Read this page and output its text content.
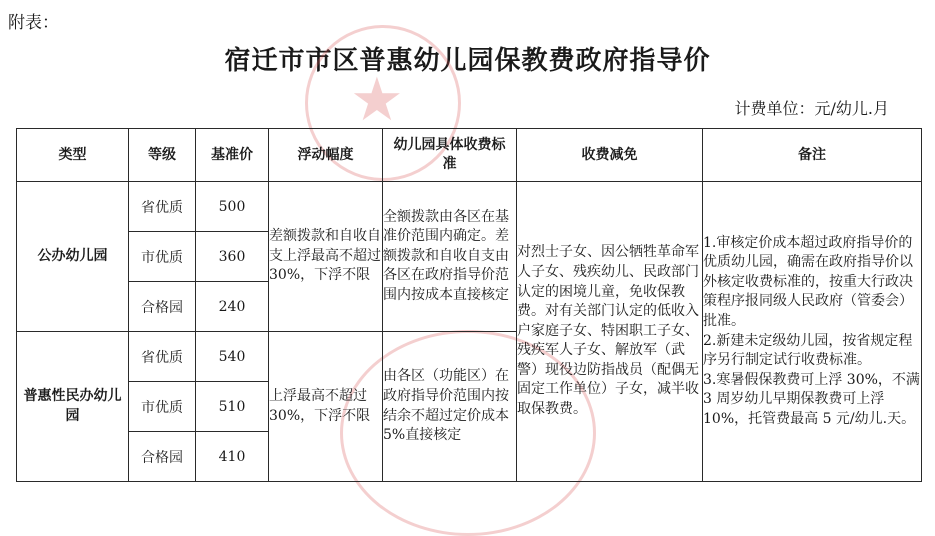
附表：
宿迁市市区普惠幼儿园保教费政府指导价
计费单位：元/幼儿.月
★
类型	等级	基准价	浮动幅度	幼儿园具体收费标准	收费减免	备注
公办幼儿园	省优质	500	差额拨款和自收自支上浮最高不超过 30%，下浮不限	全额拨款由各区在基准价范围内确定。差额拨款和自收自支由各区在政府指导价范围内按成本直接核定	对烈士子女、因公牺牲革命军人子女、残疾幼儿、民政部门认定的困境儿童，免收保教费。对有关部门认定的低收入户家庭子女、特困职工子女、残疾军人子女、解放军（武警）现役边防指战员（配偶无固定工作单位）子女，减半收取保教费。	1.审核定价成本超过政府指导价的优质幼儿园，确需在政府指导价以外核定收费标准的，按重大行政决策程序报同级人民政府（管委会）批准。
2.新建未定级幼儿园，按省规定程序另行制定试行收费标准。
3.寒暑假保教费可上浮 30%，不满 3 周岁幼儿早期保教费可上浮 10%，托管费最高 5 元/幼儿.天。

	市优质	360				
	合格园	240				
普惠性民办幼儿园	省优质	540	上浮最高不超过 30%，下浮不限	由各区（功能区）在政府指导价范围内按结余不超过定价成本 5%直接核定		
	市优质	510				
	合格园	410				
